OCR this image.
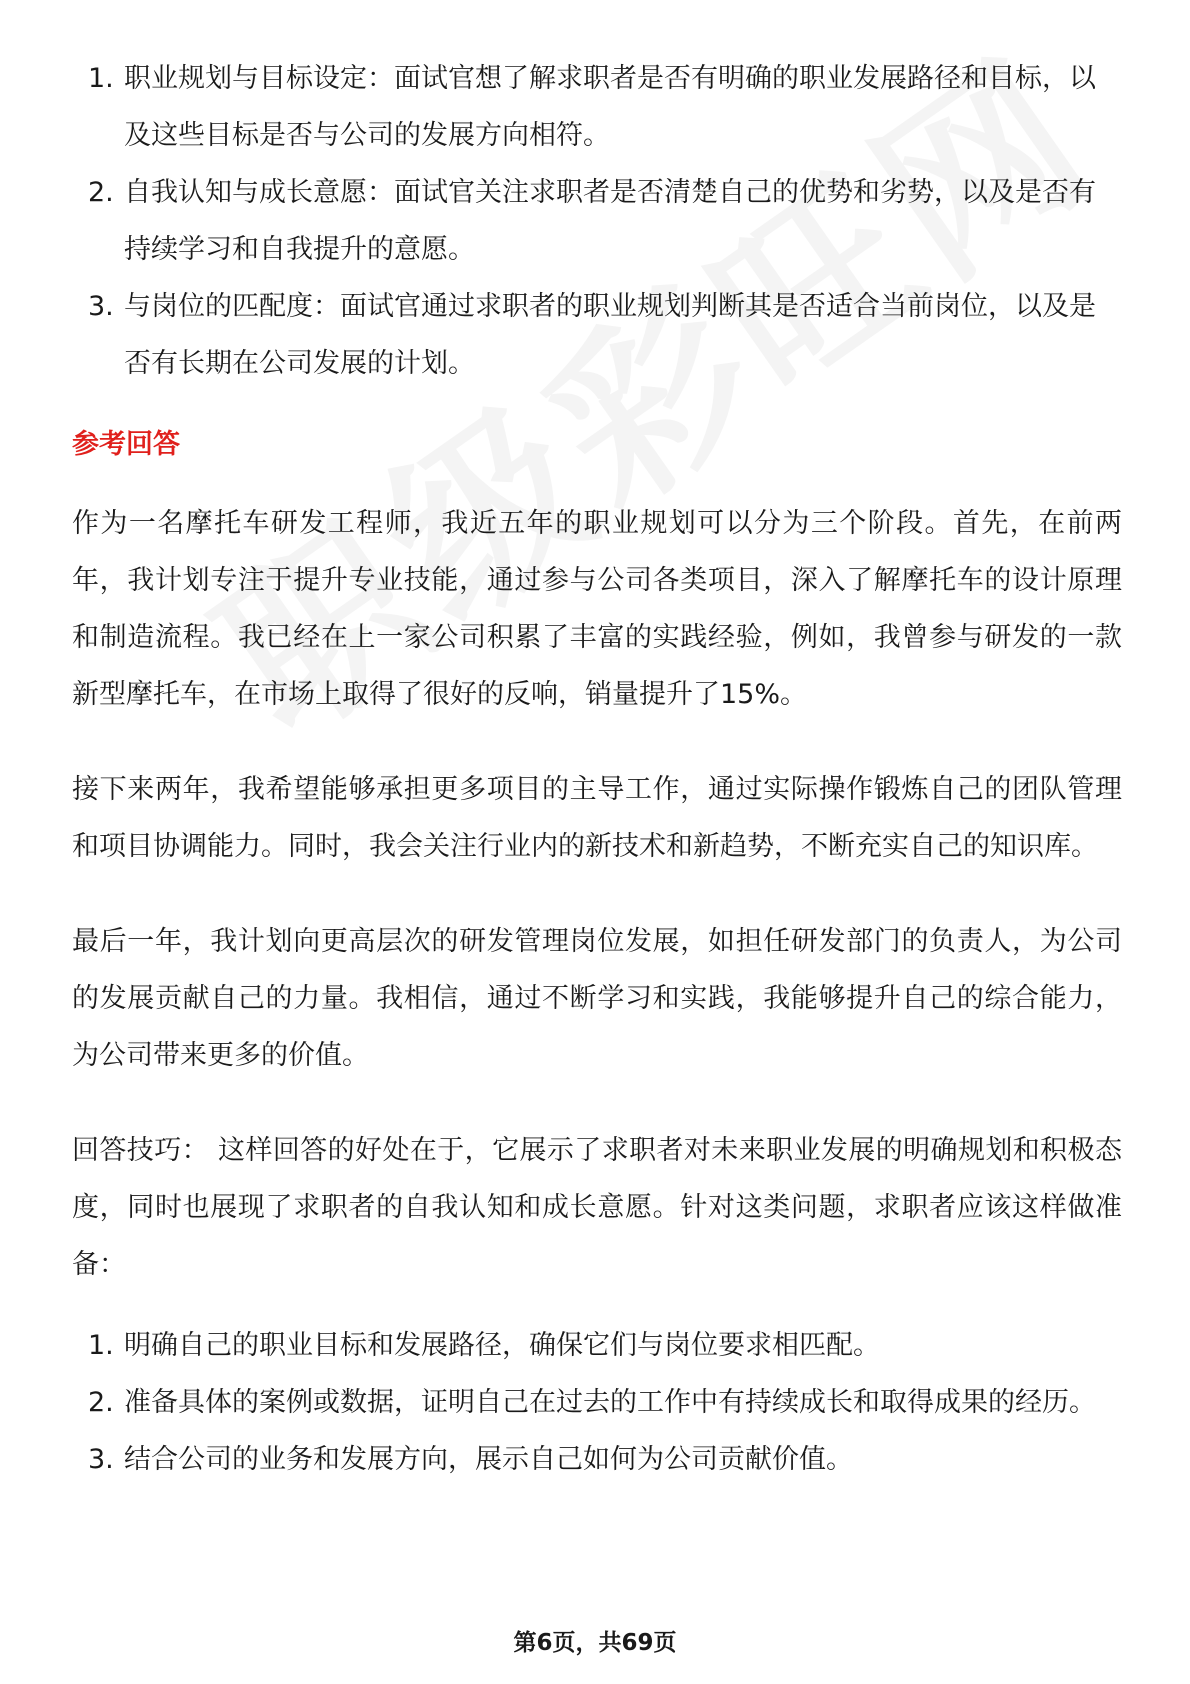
1. 职业规划与目标设定：面试官想了解求职者是否有明确的职业发展路径和目标，以及这些目标是否与公司的发展方向相符。
2. 自我认知与成长意愿：面试官关注求职者是否清楚自己的优势和劣势，以及是否有持续学习和自我提升的意愿。
3. 与岗位的匹配度：面试官通过求职者的职业规划判断其是否适合当前岗位，以及是否有长期在公司发展的计划。
参考回答

作为一名摩托车研发工程师，我近五年的职业规划可以分为三个阶段。首先，在前两年，我计划专注于提升专业技能，通过参与公司各类项目，深入了解摩托车的设计原理和制造流程。我已经在上一家公司积累了丰富的实践经验，例如，我曾参与研发的一款新型摩托车，在市场上取得了很好的反响，销量提升了15%。

接下来两年，我希望能够承担更多项目的主导工作，通过实际操作锻炼自己的团队管理和项目协调能力。同时，我会关注行业内的新技术和新趋势，不断充实自己的知识库。

最后一年，我计划向更高层次的研发管理岗位发展，如担任研发部门的负责人，为公司的发展贡献自己的力量。我相信，通过不断学习和实践，我能够提升自己的综合能力，为公司带来更多的价值。

回答技巧： 这样回答的好处在于，它展示了求职者对未来职业发展的明确规划和积极态度，同时也展现了求职者的自我认知和成长意愿。针对这类问题，求职者应该这样做准备：

1. 明确自己的职业目标和发展路径，确保它们与岗位要求相匹配。
2. 准备具体的案例或数据，证明自己在过去的工作中有持续成长和取得成果的经历。
3. 结合公司的业务和发展方向，展示自己如何为公司贡献价值。
第6页，共69页
